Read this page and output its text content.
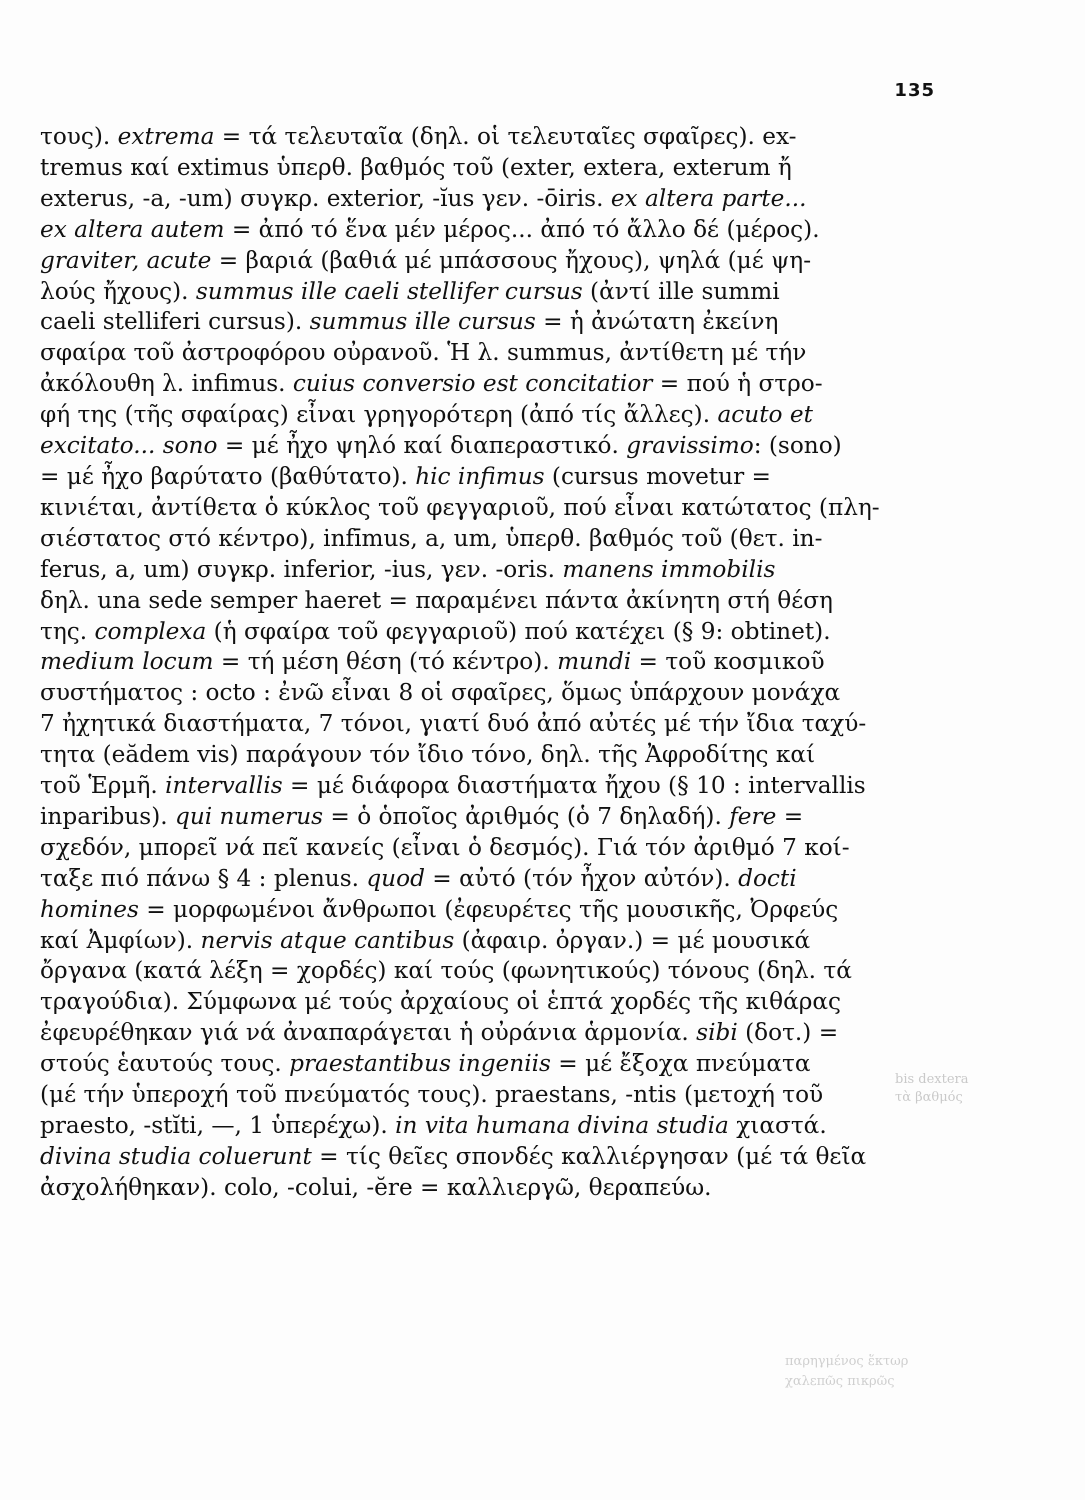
135
τους). extrema = τά τελευταῖα (δηλ. οἱ τελευταῖες σφαῖρες). ex-
tremus καί extimus ὑπερθ. βαθμός τοῦ (exter, extera, exterum ἤ
exterus, -a, -um) συγκρ. exterior, -ĭus γεν. -ōiris. ex altera parte...
ex altera autem = ἀπό τό ἕνα μέν μέρος... ἀπό τό ἄλλο δέ (μέρος).
graviter, acute = βαριά (βαθιά μέ μπάσσους ἤχους), ψηλά (μέ ψη-
λούς ἤχους). summus ille caeli stellifer cursus (ἀντί ille summi
caeli stelliferi cursus). summus ille cursus = ἡ ἀνώτατη ἐκείνη
σφαίρα τοῦ ἀστροφόρου οὐρανοῦ. Ἡ λ. summus, ἀντίθετη μέ τήν
ἀκόλουθη λ. infimus. cuius conversio est concitatior = πού ἡ στρο-
φή της (τῆς σφαίρας) εἶναι γρηγορότερη (ἀπό τίς ἄλλες). acuto et
excitato... sono = μέ ἦχο ψηλό καί διαπεραστικό. gravissimo: (sono)
= μέ ἦχο βαρύτατο (βαθύτατο). hic infimus (cursus movetur =
κινιέται, ἀντίθετα ὁ κύκλος τοῦ φεγγαριοῦ, πού εἶναι κατώτατος (πλη-
σιέστατος στό κέντρο), infīmus, a, um, ὑπερθ. βαθμός τοῦ (θετ. in-
ferus, a, um) συγκρ. inferior, -ius, γεν. -oris. manens immobilis
δηλ. una sede semper haeret = παραμένει πάντα ἀκίνητη στή θέση
της. complexa (ἡ σφαίρα τοῦ φεγγαριοῦ) πού κατέχει (§ 9: obtinet).
medium locum = τή μέση θέση (τό κέντρο). mundi = τοῦ κοσμικοῦ
συστήματος : octo : ἐνῶ εἶναι 8 οἱ σφαῖρες, ὅμως ὑπάρχουν μονάχα
7 ἠχητικά διαστήματα, 7 τόνοι, γιατί δυό ἀπό αὐτές μέ τήν ἴδια ταχύ-
τητα (eădem vis) παράγουν τόν ἴδιο τόνο, δηλ. τῆς Ἀφροδίτης καί
τοῦ Ἑρμῆ. intervallis = μέ διάφορα διαστήματα ἤχου (§ 10 : intervallis
inparibus). qui numerus = ὁ ὁποῖος ἀριθμός (ὁ 7 δηλαδή). fere =
σχεδόν, μπορεῖ νά πεῖ κανείς (εἶναι ὁ δεσμός). Γιά τόν ἀριθμό 7 κοί-
ταξε πιό πάνω § 4 : plenus. quod = αὐτό (τόν ἦχον αὐτόν). docti
homines = μορφωμένοι ἄνθρωποι (ἐφευρέτες τῆς μουσικῆς, Ὀρφεύς
καί Ἀμφίων). nervis atque cantibus (ἀφαιρ. ὀργαν.) = μέ μουσικά
ὄργανα (κατά λέξη = χορδές) καί τούς (φωνητικούς) τόνους (δηλ. τά
τραγούδια). Σύμφωνα μέ τούς ἀρχαίους οἱ ἑπτά χορδές τῆς κιθάρας
ἐφευρέθηκαν γιά νά ἀναπαράγεται ἡ οὐράνια ἁρμονία. sibi (δοτ.) =
στούς ἑαυτούς τους. praestantibus ingeniis = μέ ἔξοχα πνεύματα
(μέ τήν ὑπεροχή τοῦ πνεύματός τους). praestans, -ntis (μετοχή τοῦ
praesto, -stĭti, —, 1 ὑπερέχω). in vita humana divina studia χιαστά.
divina studia coluerunt = τίς θεῖες σπονδές καλλιέργησαν (μέ τά θεῖα
ἀσχολήθηκαν). colo, -colui, -ĕre = καλλιεργῶ, θεραπεύω.
bis dextera
τὰ βαθμός
παρηγμένος ἕκτωρ
χαλεπῶς πικρῶς
